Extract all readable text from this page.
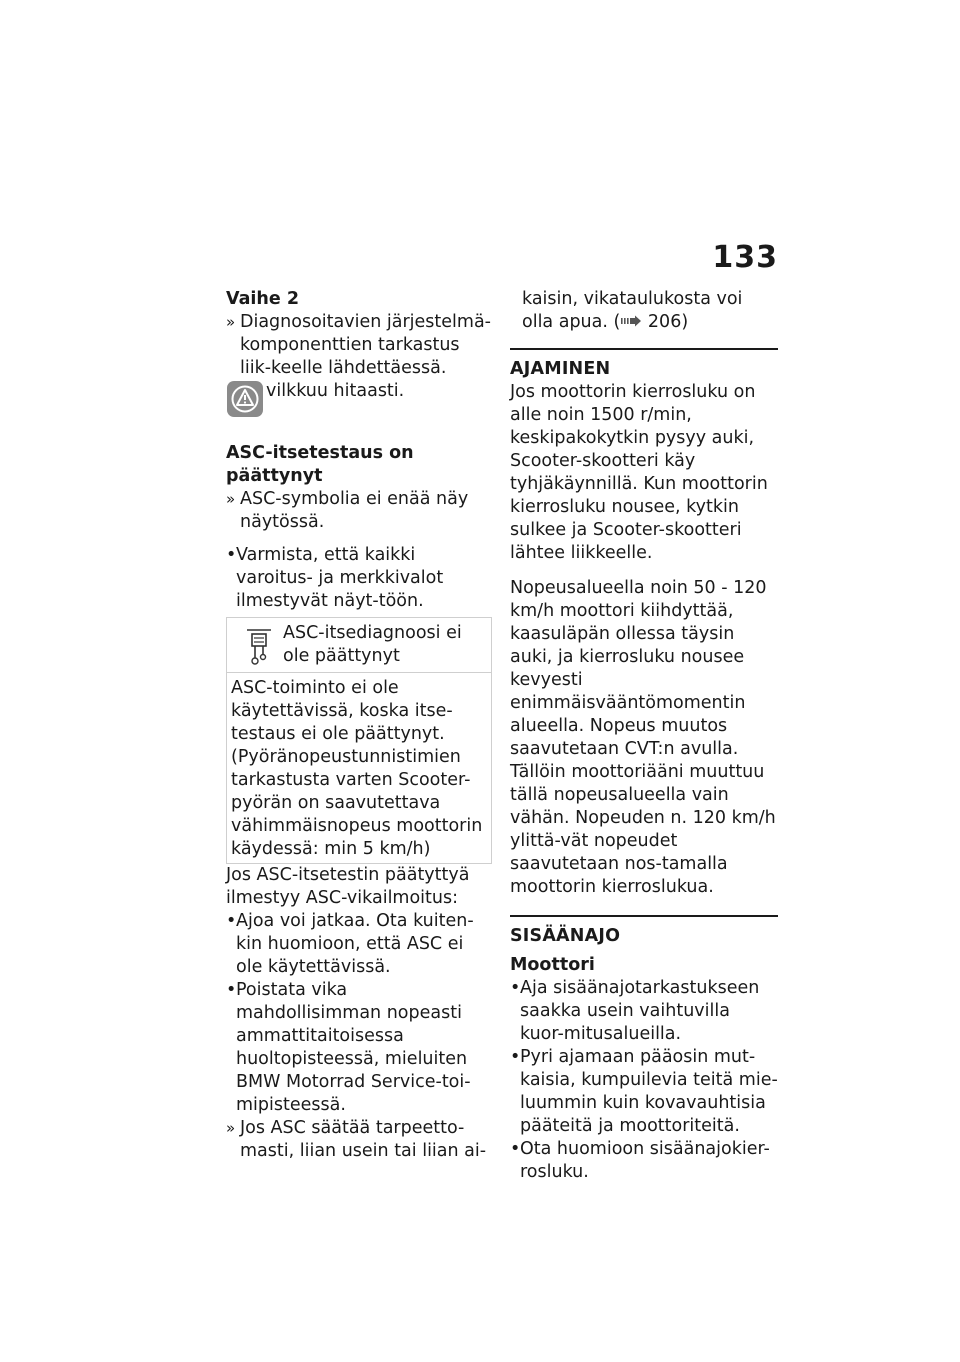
133

Vaihe 2

» Diagnosoitavien järjestelmä-komponenttien tarkastus liik-keelle lähdettäessä.
vilkkuu hitaasti.

ASC-itsetestaus on päättynyt

» ASC-symbolia ei enää näy näytössä.
• Varmista, että kaikki varoitus- ja merkkivalot ilmestyvät näyt-töön.
ASC-itsediagnoosi ei ole päättynyt
ASC-toiminto ei ole käytettävissä, koska itse-testaus ei ole päättynyt. (Pyöränopeustunnistimien tarkastusta varten Scooter-pyörän on saavutettava vähimmäisnopeus moottorin käydessä: min 5 km/h)

Jos ASC-itsetestin päätyttyä ilmestyy ASC-vikailmoitus:

• Ajoa voi jatkaa. Ota kuiten-kin huomioon, että ASC ei ole käytettävissä.
• Poistata vika mahdollisimman nopeasti ammattitaitoisessa huoltopisteessä, mieluiten BMW Motorrad Service-toi-mipisteessä.
» Jos ASC säätää tarpeetto-masti, liian usein tai liian ai-

kaisin, vikataulukosta voi olla apua. ( 206)

AJAMINEN

Jos moottorin kierrosluku on alle noin 1500 r/min, keskipakokytkin pysyy auki, Scooter-skootteri käy tyhjäkäynnillä. Kun moottorin kierrosluku nousee, kytkin sulkee ja Scooter-skootteri lähtee liikkeelle.

Nopeusalueella noin 50 - 120 km/h moottori kiihdyttää, kaasuläpän ollessa täysin auki, ja kierrosluku nousee kevyesti enimmäisvääntömomentin alueella. Nopeus muutos saavutetaan CVT:n avulla. Tällöin moottoriääni muuttuu tällä nopeusalueella vain vähän. Nopeuden n. 120 km/h ylittä-vät nopeudet saavutetaan nos-tamalla moottorin kierroslukua.

SISÄÄNAJO

Moottori

• Aja sisäänajotarkastukseen saakka usein vaihtuvilla kuor-mitusalueilla.
• Pyri ajamaan pääosin mut-kaisia, kumpuilevia teitä mie-luummin kuin kovavauhtisia pääteitä ja moottoriteitä.
• Ota huomioon sisäänajokier-rosluku.
